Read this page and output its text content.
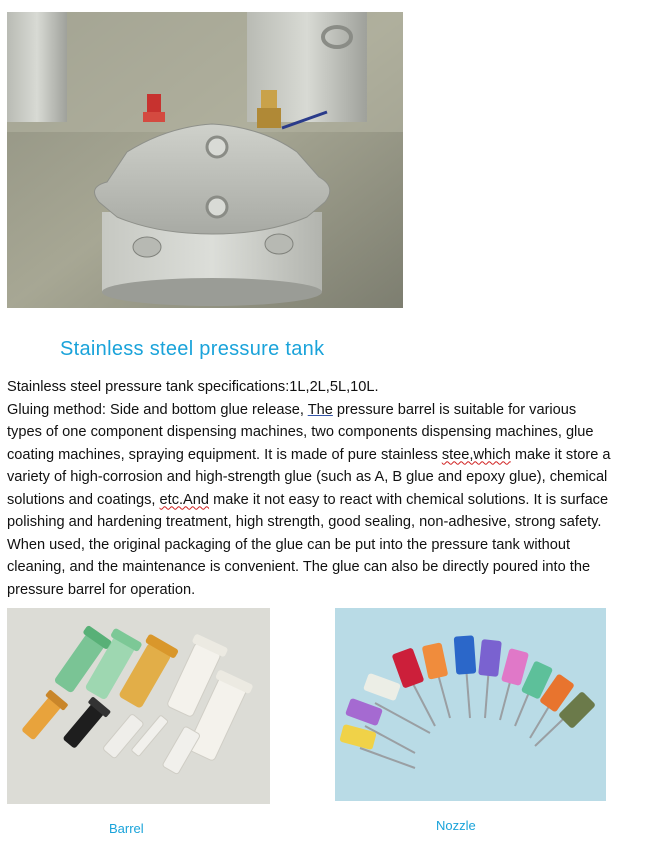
Stainless steel pressure tank

Stainless steel pressure tank specifications:1L,2L,5L,10L.

Gluing method: Side and bottom glue release, The pressure barrel is suitable for various types of one component dispensing machines, two components dispensing machines, glue coating machines, spraying equipment. It is made of pure stainless stee,which make it store a variety of high-corrosion and high-strength glue (such as A, B glue and epoxy glue), chemical solutions and coatings, etc.And make it not easy to react with chemical solutions. It is surface polishing and hardening treatment, high strength, good sealing, non-adhesive, strong safety. When used, the original packaging of the glue can be put into the pressure tank without cleaning, and the maintenance is convenient. The glue can also be directly poured into the pressure barrel for operation.

Barrel	Nozzle
